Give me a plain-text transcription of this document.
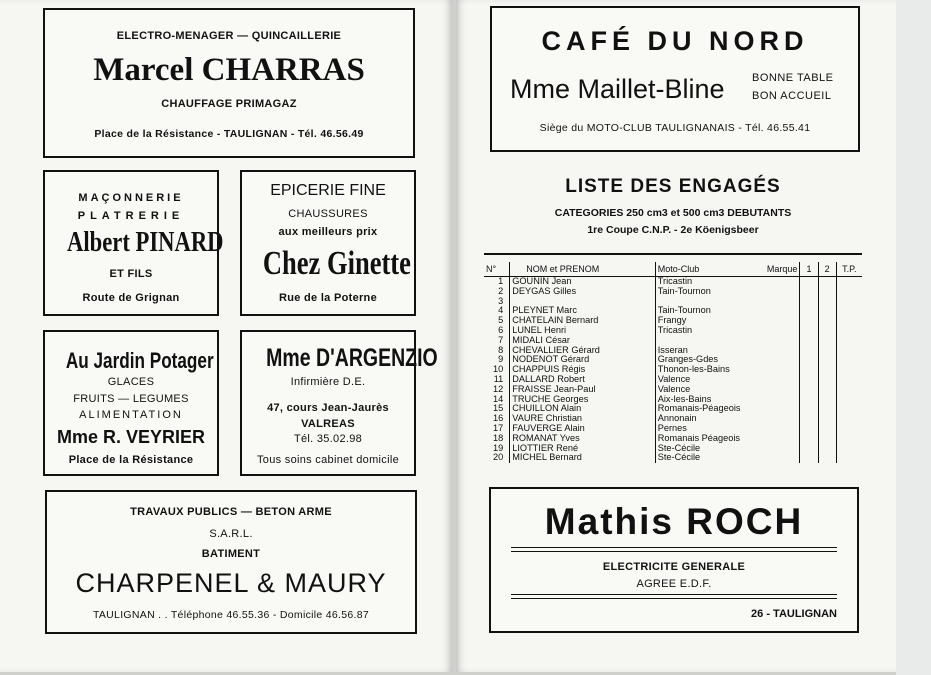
ELECTRO-MENAGER — QUINCAILLERIE
Marcel CHARRAS
CHAUFFAGE PRIMAGAZ
Place de la Résistance - TAULIGNAN - Tél. 46.56.49
MAÇONNERIE
PLATRERIE
Albert PINARD
ET FILS
Route de Grignan
EPICERIE FINE
CHAUSSURES
aux meilleurs prix
Chez Ginette
Rue de la Poterne
Au Jardin Potager
GLACES
FRUITS — LEGUMES
ALIMENTATION
Mme R. VEYRIER
Place de la Résistance
Mme D'ARGENZIO
Infirmière D.E.
47, cours Jean-Jaurès
VALREAS
Tél. 35.02.98
Tous soins cabinet domicile
TRAVAUX PUBLICS — BETON ARME
S.A.R.L.
BATIMENT
CHARPENEL & MAURY
TAULIGNAN . . Téléphone 46.55.36 - Domicile 46.56.87
CAFÉ DU NORD
Mme Maillet-Bline BONNE TABLE
BON ACCUEIL
Siège du MOTO-CLUB TAULIGNANAIS - Tél. 46.55.41
LISTE DES ENGAGÉS
CATEGORIES 250 cm3 et 500 cm3 DEBUTANTS
1re Coupe C.N.P. - 2e Köenigsbeer
N°	NOM et PRENOM	Moto-Club	Marque	1	2	T.P.
1	GOUNIN Jean	Tricastin				
2	DEYGAS Gilles	Tain-Tournon				
3						
4	PLEYNET Marc	Tain-Tournon				
5	CHATELAIN Bernard	Frangy				
6	LUNEL Henri	Tricastin				
7	MIDALI César					
8	CHEVALLIER Gérard	Isseran				
9	NODENOT Gérard	Granges-Gdes				
10	CHAPPUIS Régis	Thonon-les-Bains				
11	DALLARD Robert	Valence				
12	FRAISSE Jean-Paul	Valence				
14	TRUCHE Georges	Aix-les-Bains				
15	CHUILLON Alain	Romanais-Péageois				
16	VAURE Christian	Annonain				
17	FAUVERGE Alain	Pernes				
18	ROMANAT Yves	Romanais Péageois				
19	LIOTTIER René	Ste-Cécile				
20	MICHEL Bernard	Ste-Cécile				
Mathis ROCH
ELECTRICITE GENERALE
AGREE E.D.F.
26 - TAULIGNAN
